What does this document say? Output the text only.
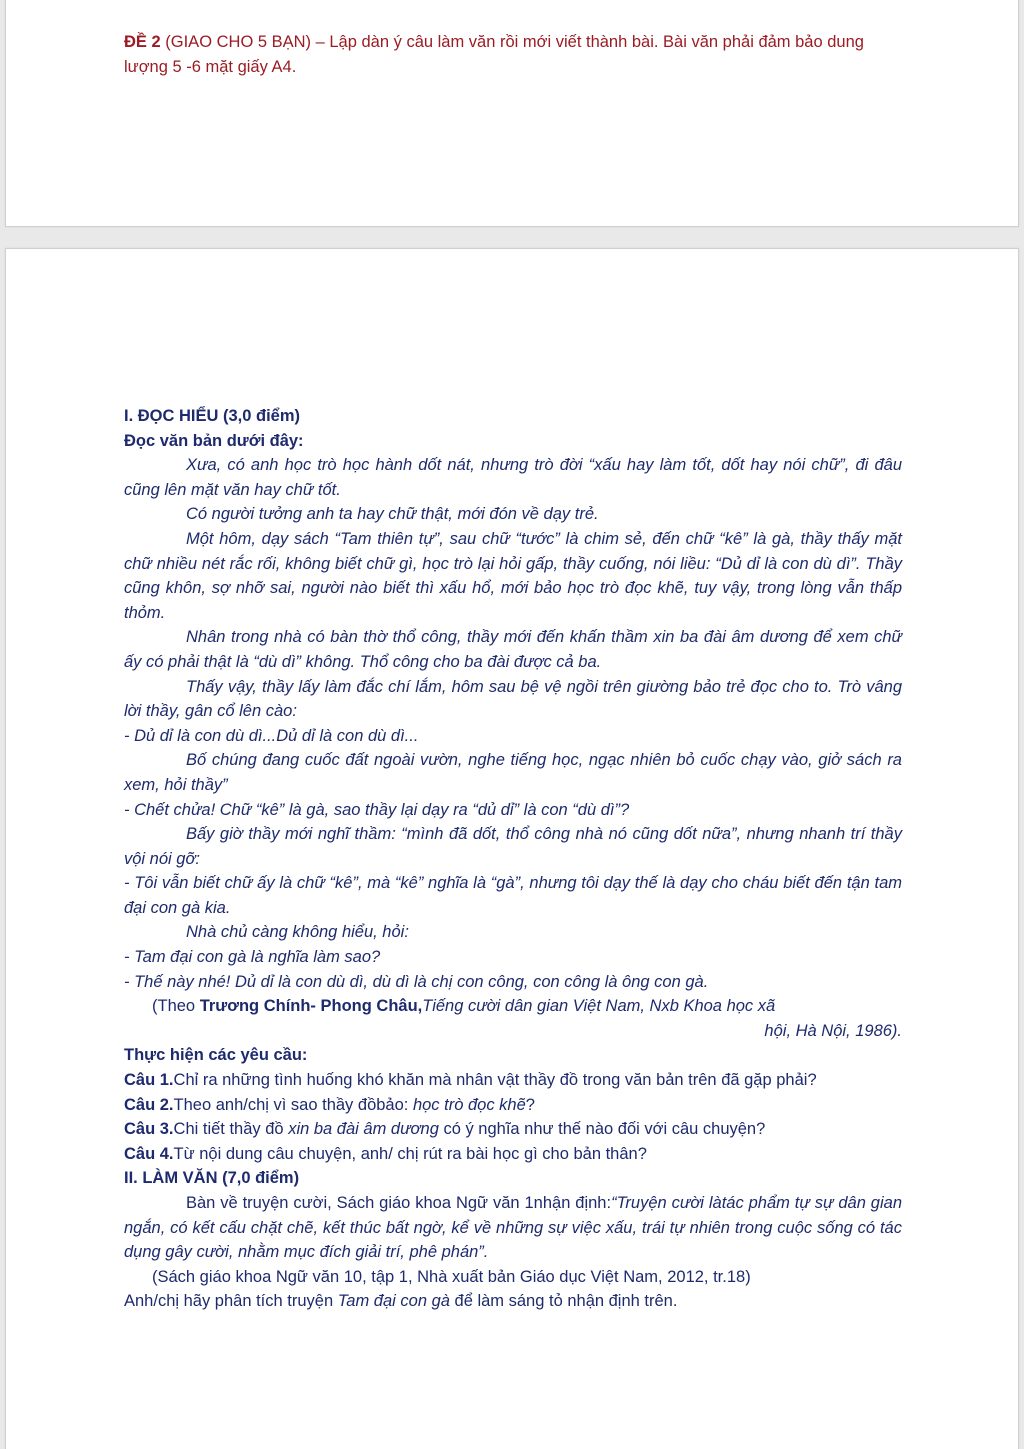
ĐỀ 2 (GIAO CHO 5 BẠN) – Lập dàn ý câu làm văn rồi mới viết thành bài. Bài văn phải đảm bảo dung lượng 5 -6 mặt giấy A4.

I. ĐỌC HIỂU (3,0 điểm)

Đọc văn bản dưới đây:

Xưa, có anh học trò học hành dốt nát, nhưng trò đời “xấu hay làm tốt, dốt hay nói chữ”, đi đâu cũng lên mặt văn hay chữ tốt.

Có người tưởng anh ta hay chữ thật, mới đón về dạy trẻ.

Một hôm, dạy sách “Tam thiên tự”, sau chữ “tước” là chim sẻ, đến chữ “kê” là gà, thầy thấy mặt chữ nhiều nét rắc rối, không biết chữ gì, học trò lại hỏi gấp, thầy cuống, nói liều: “Dủ dỉ là con dù dì”. Thầy cũng khôn, sợ nhỡ sai, người nào biết thì xấu hổ, mới bảo học trò đọc khẽ, tuy vậy, trong lòng vẫn thấp thỏm.

Nhân trong nhà có bàn thờ thổ công, thầy mới đến khấn thầm xin ba đài âm dương để xem chữ ấy có phải thật là “dù dì” không. Thổ công cho ba đài được cả ba.

Thấy vậy, thầy lấy làm đắc chí lắm, hôm sau bệ vệ ngồi trên giường bảo trẻ đọc cho to. Trò vâng lời thầy, gân cổ lên cào:

- Dủ dỉ là con dù dì...Dủ dỉ là con dù dì...

Bố chúng đang cuốc đất ngoài vườn, nghe tiếng học, ngạc nhiên bỏ cuốc chạy vào, giở sách ra xem, hỏi thầy”

- Chết chửa! Chữ “kê” là gà, sao thầy lại dạy ra “dủ dỉ” là con “dù dì”?

Bấy giờ thầy mới nghĩ thầm: “mình đã dốt, thổ công nhà nó cũng dốt nữa”, nhưng nhanh trí thầy vội nói gỡ:

- Tôi vẫn biết chữ ấy là chữ “kê”, mà “kê” nghĩa là “gà”, nhưng tôi dạy thế là dạy cho cháu biết đến tận tam đại con gà kia.

Nhà chủ càng không hiểu, hỏi:

- Tam đại con gà là nghĩa làm sao?

- Thế này nhé! Dủ dỉ là con dù dì, dù dì là chị con công, con công là ông con gà.

(Theo Trương Chính- Phong Châu,Tiếng cười dân gian Việt Nam, Nxb Khoa học xã

hội, Hà Nội, 1986).

Thực hiện các yêu cầu:

Câu 1.Chỉ ra những tình huống khó khăn mà nhân vật thầy đồ trong văn bản trên đã gặp phải?

Câu 2.Theo anh/chị vì sao thầy đồbảo: học trò đọc khẽ?

Câu 3.Chi tiết thầy đồ xin ba đài âm dương có ý nghĩa như thế nào đối với câu chuyện?

Câu 4.Từ nội dung câu chuyện, anh/ chị rút ra bài học gì cho bản thân?

II. LÀM VĂN (7,0 điểm)

Bàn về truyện cười, Sách giáo khoa Ngữ văn 1nhận định:“Truyện cười làtác phẩm tự sự dân gian ngắn, có kết cấu chặt chẽ, kết thúc bất ngờ, kể về những sự việc xấu, trái tự nhiên trong cuộc sống có tác dụng gây cười, nhằm mục đích giải trí, phê phán”.

(Sách giáo khoa Ngữ văn 10, tập 1, Nhà xuất bản Giáo dục Việt Nam, 2012, tr.18)

Anh/chị hãy phân tích truyện Tam đại con gà để làm sáng tỏ nhận định trên.
